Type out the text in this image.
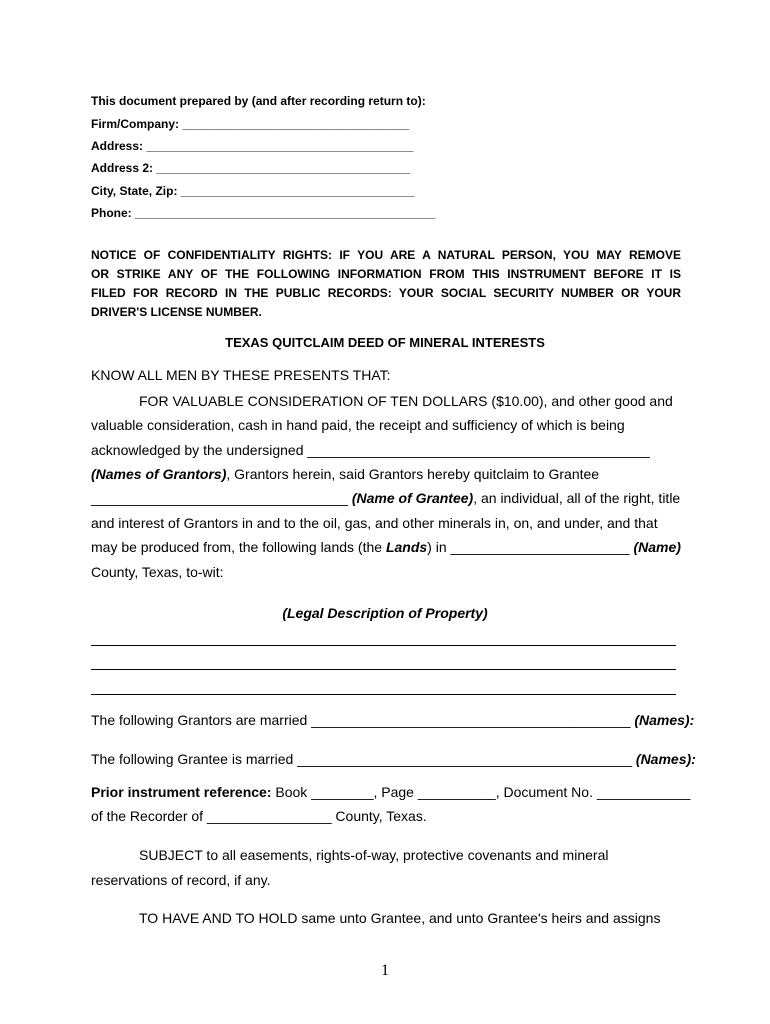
This document prepared by (and after recording return to):
Firm/Company: __________________________________
Address: ________________________________________
Address 2: ______________________________________
City, State, Zip: ___________________________________
Phone: _____________________________________________
NOTICE OF CONFIDENTIALITY RIGHTS: IF YOU ARE A NATURAL PERSON, YOU MAY REMOVE
OR STRIKE ANY OF THE FOLLOWING INFORMATION FROM THIS INSTRUMENT BEFORE IT IS
FILED FOR RECORD IN THE PUBLIC RECORDS: YOUR SOCIAL SECURITY NUMBER OR YOUR
DRIVER'S LICENSE NUMBER.
TEXAS QUITCLAIM DEED OF MINERAL INTERESTS
KNOW ALL MEN BY THESE PRESENTS THAT:
FOR VALUABLE CONSIDERATION OF TEN DOLLARS ($10.00), and other good and
valuable consideration, cash in hand paid, the receipt and sufficiency of which is being
acknowledged by the undersigned ____________________________________________
(Names of Grantors), Grantors herein, said Grantors hereby quitclaim to Grantee
_________________________________ (Name of Grantee), an individual, all of the right, title
and interest of Grantors in and to the oil, gas, and other minerals in, on, and under, and that
may be produced from, the following lands (the Lands) in _______________________ (Name)
County, Texas, to-wit:
(Legal Description of Property)
The following Grantors are married _________________________________________ (Names):
The following Grantee is married ___________________________________________ (Names):
Prior instrument reference: Book ________, Page __________, Document No. ____________
of the Recorder of ________________ County, Texas.
SUBJECT to all easements, rights-of-way, protective covenants and mineral
reservations of record, if any.
TO HAVE AND TO HOLD same unto Grantee, and unto Grantee's heirs and assigns
1
